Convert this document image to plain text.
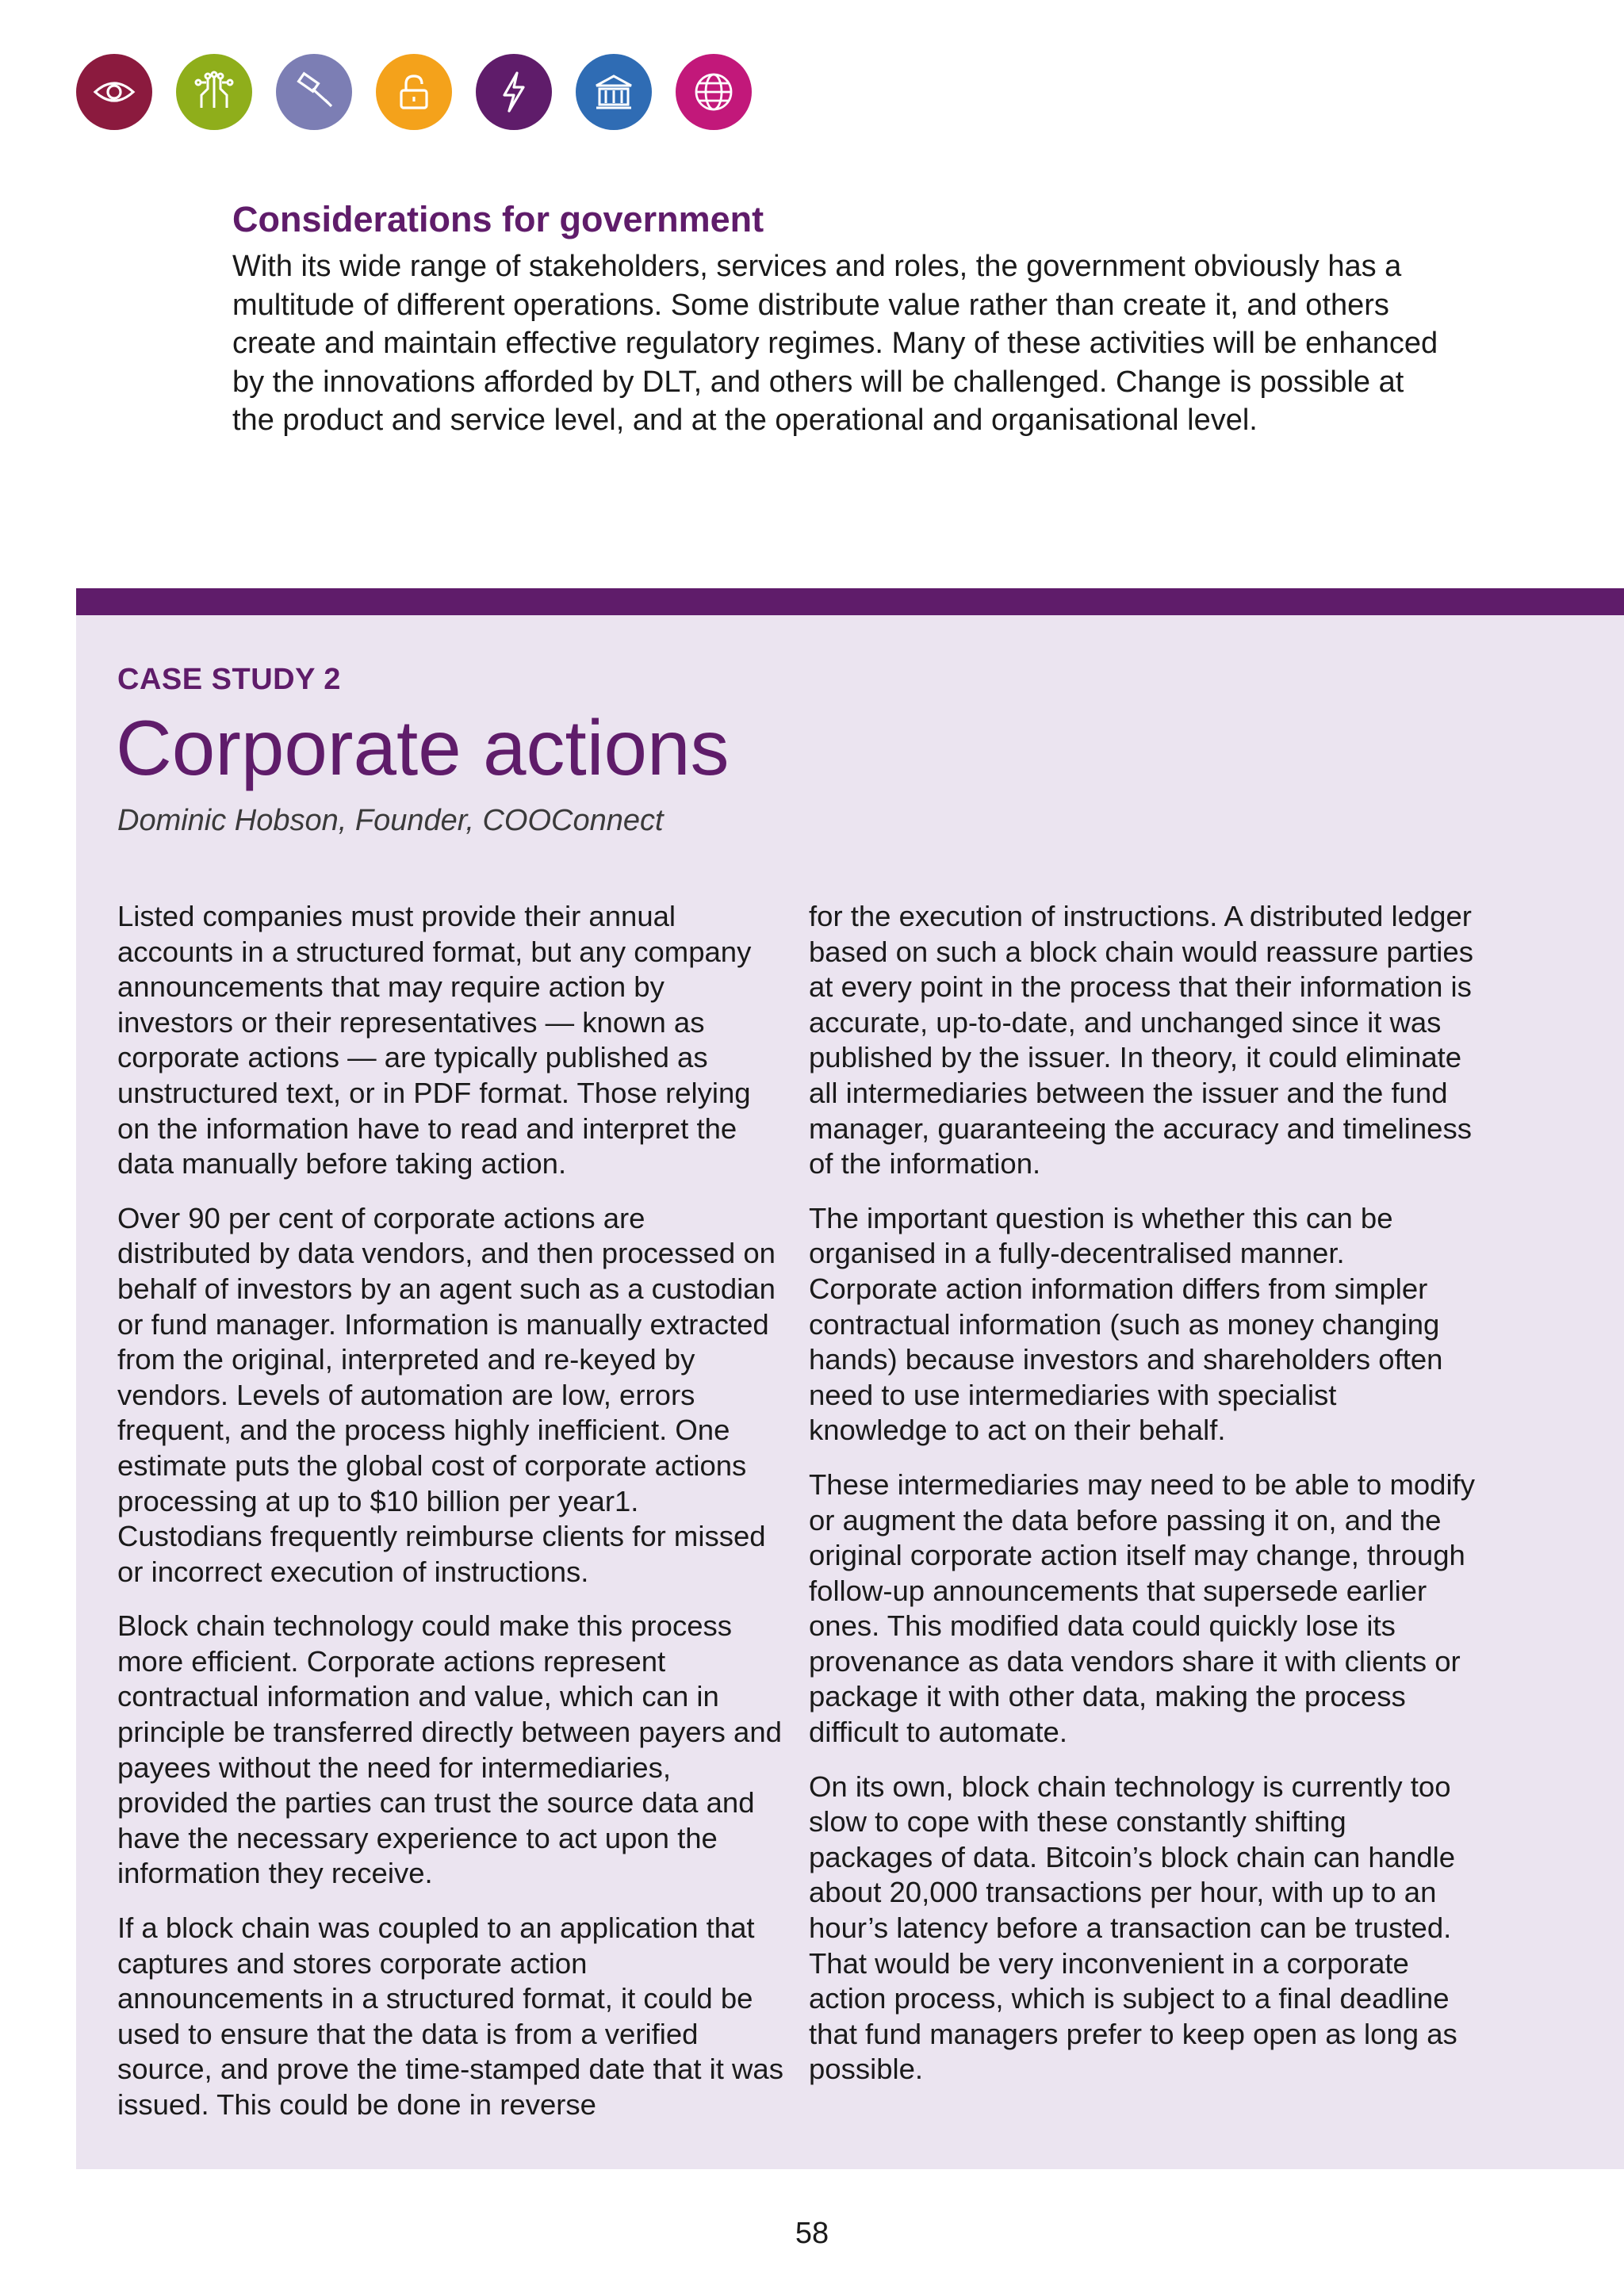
Considerations for government

With its wide range of stakeholders, services and roles, the government obviously has a multitude of different operations. Some distribute value rather than create it, and others create and maintain effective regulatory regimes. Many of these activities will be enhanced by the innovations afforded by DLT, and others will be challenged. Change is possible at the product and service level, and at the operational and organisational level.

CASE STUDY 2
Corporate actions
Dominic Hobson, Founder, COOConnect

Listed companies must provide their annual accounts in a structured format, but any company announcements that may require action by investors or their representatives — known as corporate actions — are typically published as unstructured text, or in PDF format. Those relying on the information have to read and interpret the data manually before taking action.

Over 90 per cent of corporate actions are distributed by data vendors, and then processed on behalf of investors by an agent such as a custodian or fund manager. Information is manually extracted from the original, interpreted and re-keyed by vendors. Levels of automation are low, errors frequent, and the process highly inefficient. One estimate puts the global cost of corporate actions processing at up to $10 billion per year1. Custodians frequently reimburse clients for missed or incorrect execution of instructions.

Block chain technology could make this process more efficient. Corporate actions represent contractual information and value, which can in principle be transferred directly between payers and payees without the need for intermediaries, provided the parties can trust the source data and have the necessary experience to act upon the information they receive.

If a block chain was coupled to an application that captures and stores corporate action announcements in a structured format, it could be used to ensure that the data is from a verified source, and prove the time-stamped date that it was issued. This could be done in reverse

for the execution of instructions. A distributed ledger based on such a block chain would reassure parties at every point in the process that their information is accurate, up-to-date, and unchanged since it was published by the issuer. In theory, it could eliminate all intermediaries between the issuer and the fund manager, guaranteeing the accuracy and timeliness of the information.

The important question is whether this can be organised in a fully-decentralised manner. Corporate action information differs from simpler contractual information (such as money changing hands) because investors and shareholders often need to use intermediaries with specialist knowledge to act on their behalf.

These intermediaries may need to be able to modify or augment the data before passing it on, and the original corporate action itself may change, through follow-up announcements that supersede earlier ones. This modified data could quickly lose its provenance as data vendors share it with clients or package it with other data, making the process difficult to automate.

On its own, block chain technology is currently too slow to cope with these constantly shifting packages of data. Bitcoin’s block chain can handle about 20,000 transactions per hour, with up to an hour’s latency before a transaction can be trusted. That would be very inconvenient in a corporate action process, which is subject to a final deadline that fund managers prefer to keep open as long as possible.

58
